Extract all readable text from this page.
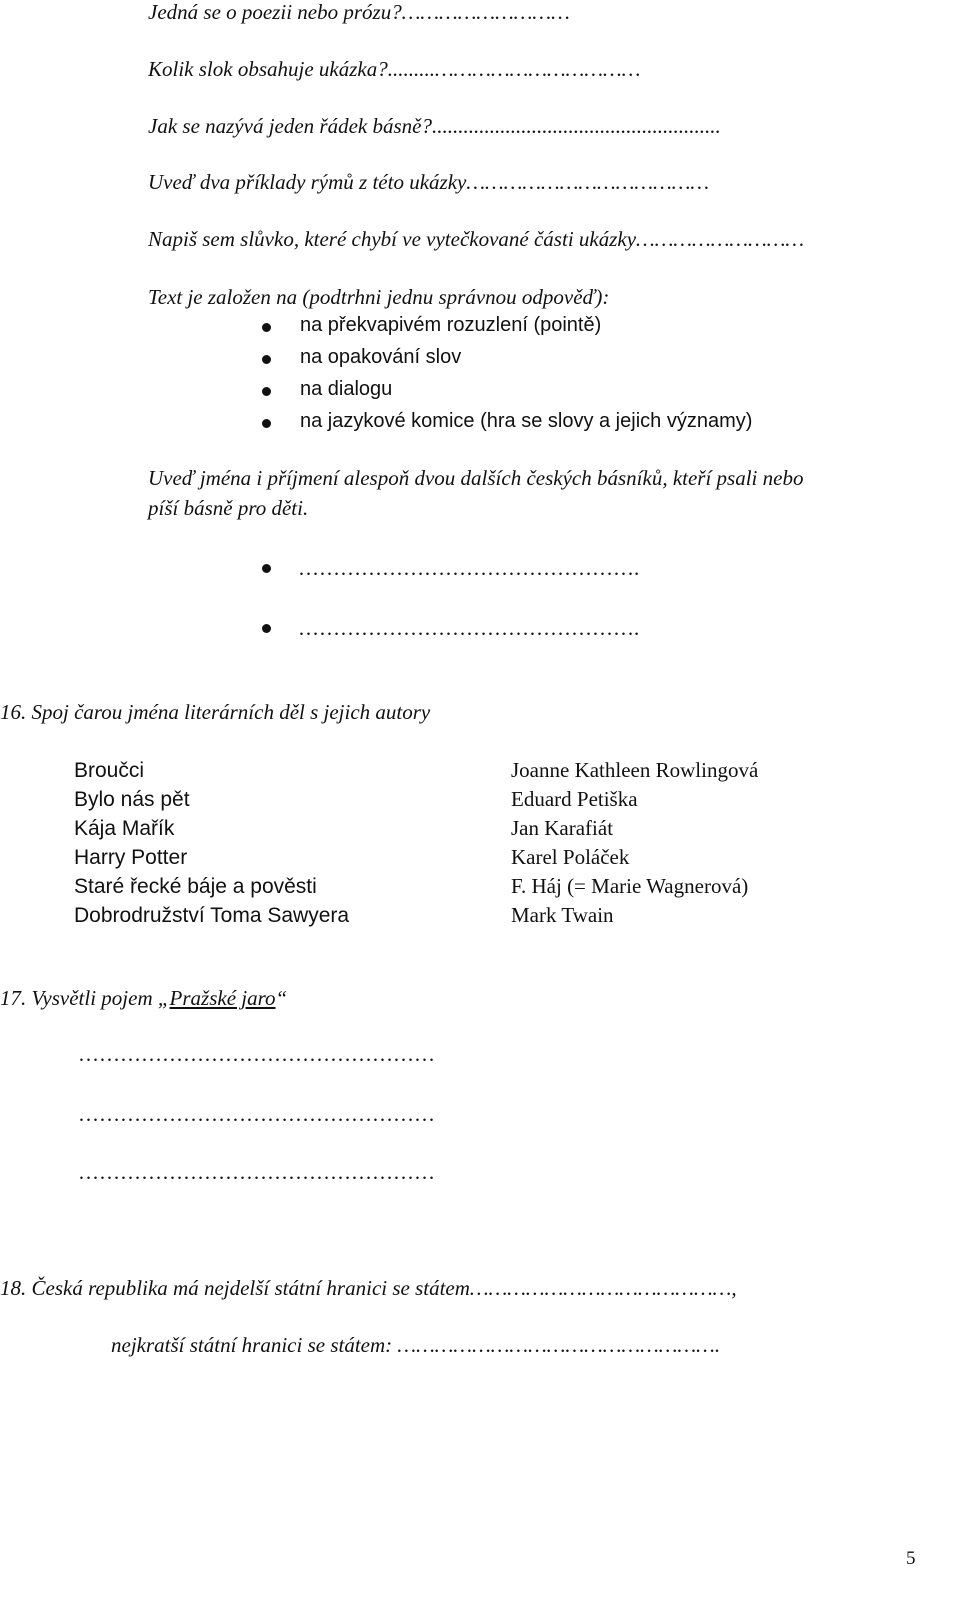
Jedná se o poezii nebo prózu?………………………
Kolik slok obsahuje ukázka?.........……………………………
Jak se nazývá jeden řádek básně?.......................................................
Uveď dva příklady rýmů z této ukázky…………………………………
Napiš sem slůvko, které chybí ve vytečkované části ukázky………………………
Text je založen na (podtrhni jednu správnou odpověď):
na překvapivém rozuzlení (pointě)
na opakování slov
na dialogu
na jazykové komice (hra se slovy a jejich významy)
Uveď jména i příjmení alespoň dvou dalších českých básníků, kteří psali nebo
píší básně pro děti.
………………………………………….
………………………………………….
16. Spoj čarou jména literárních děl s jejich autory
Broučci
Bylo nás pět
Kája Mařík
Harry Potter
Staré řecké báje a pověsti
Dobrodružství Toma Sawyera
Joanne Kathleen Rowlingová
Eduard Petiška
Jan Karafiát
Karel Poláček
F. Háj (= Marie Wagnerová)
Mark Twain
17. Vysvětli pojem „Pražské jaro“
……………………………………………
……………………………………………
……………………………………………
18. Česká republika má nejdelší státní hranici se státem……………………………………,
nejkratší státní hranici se státem: …………………………………………….
5
